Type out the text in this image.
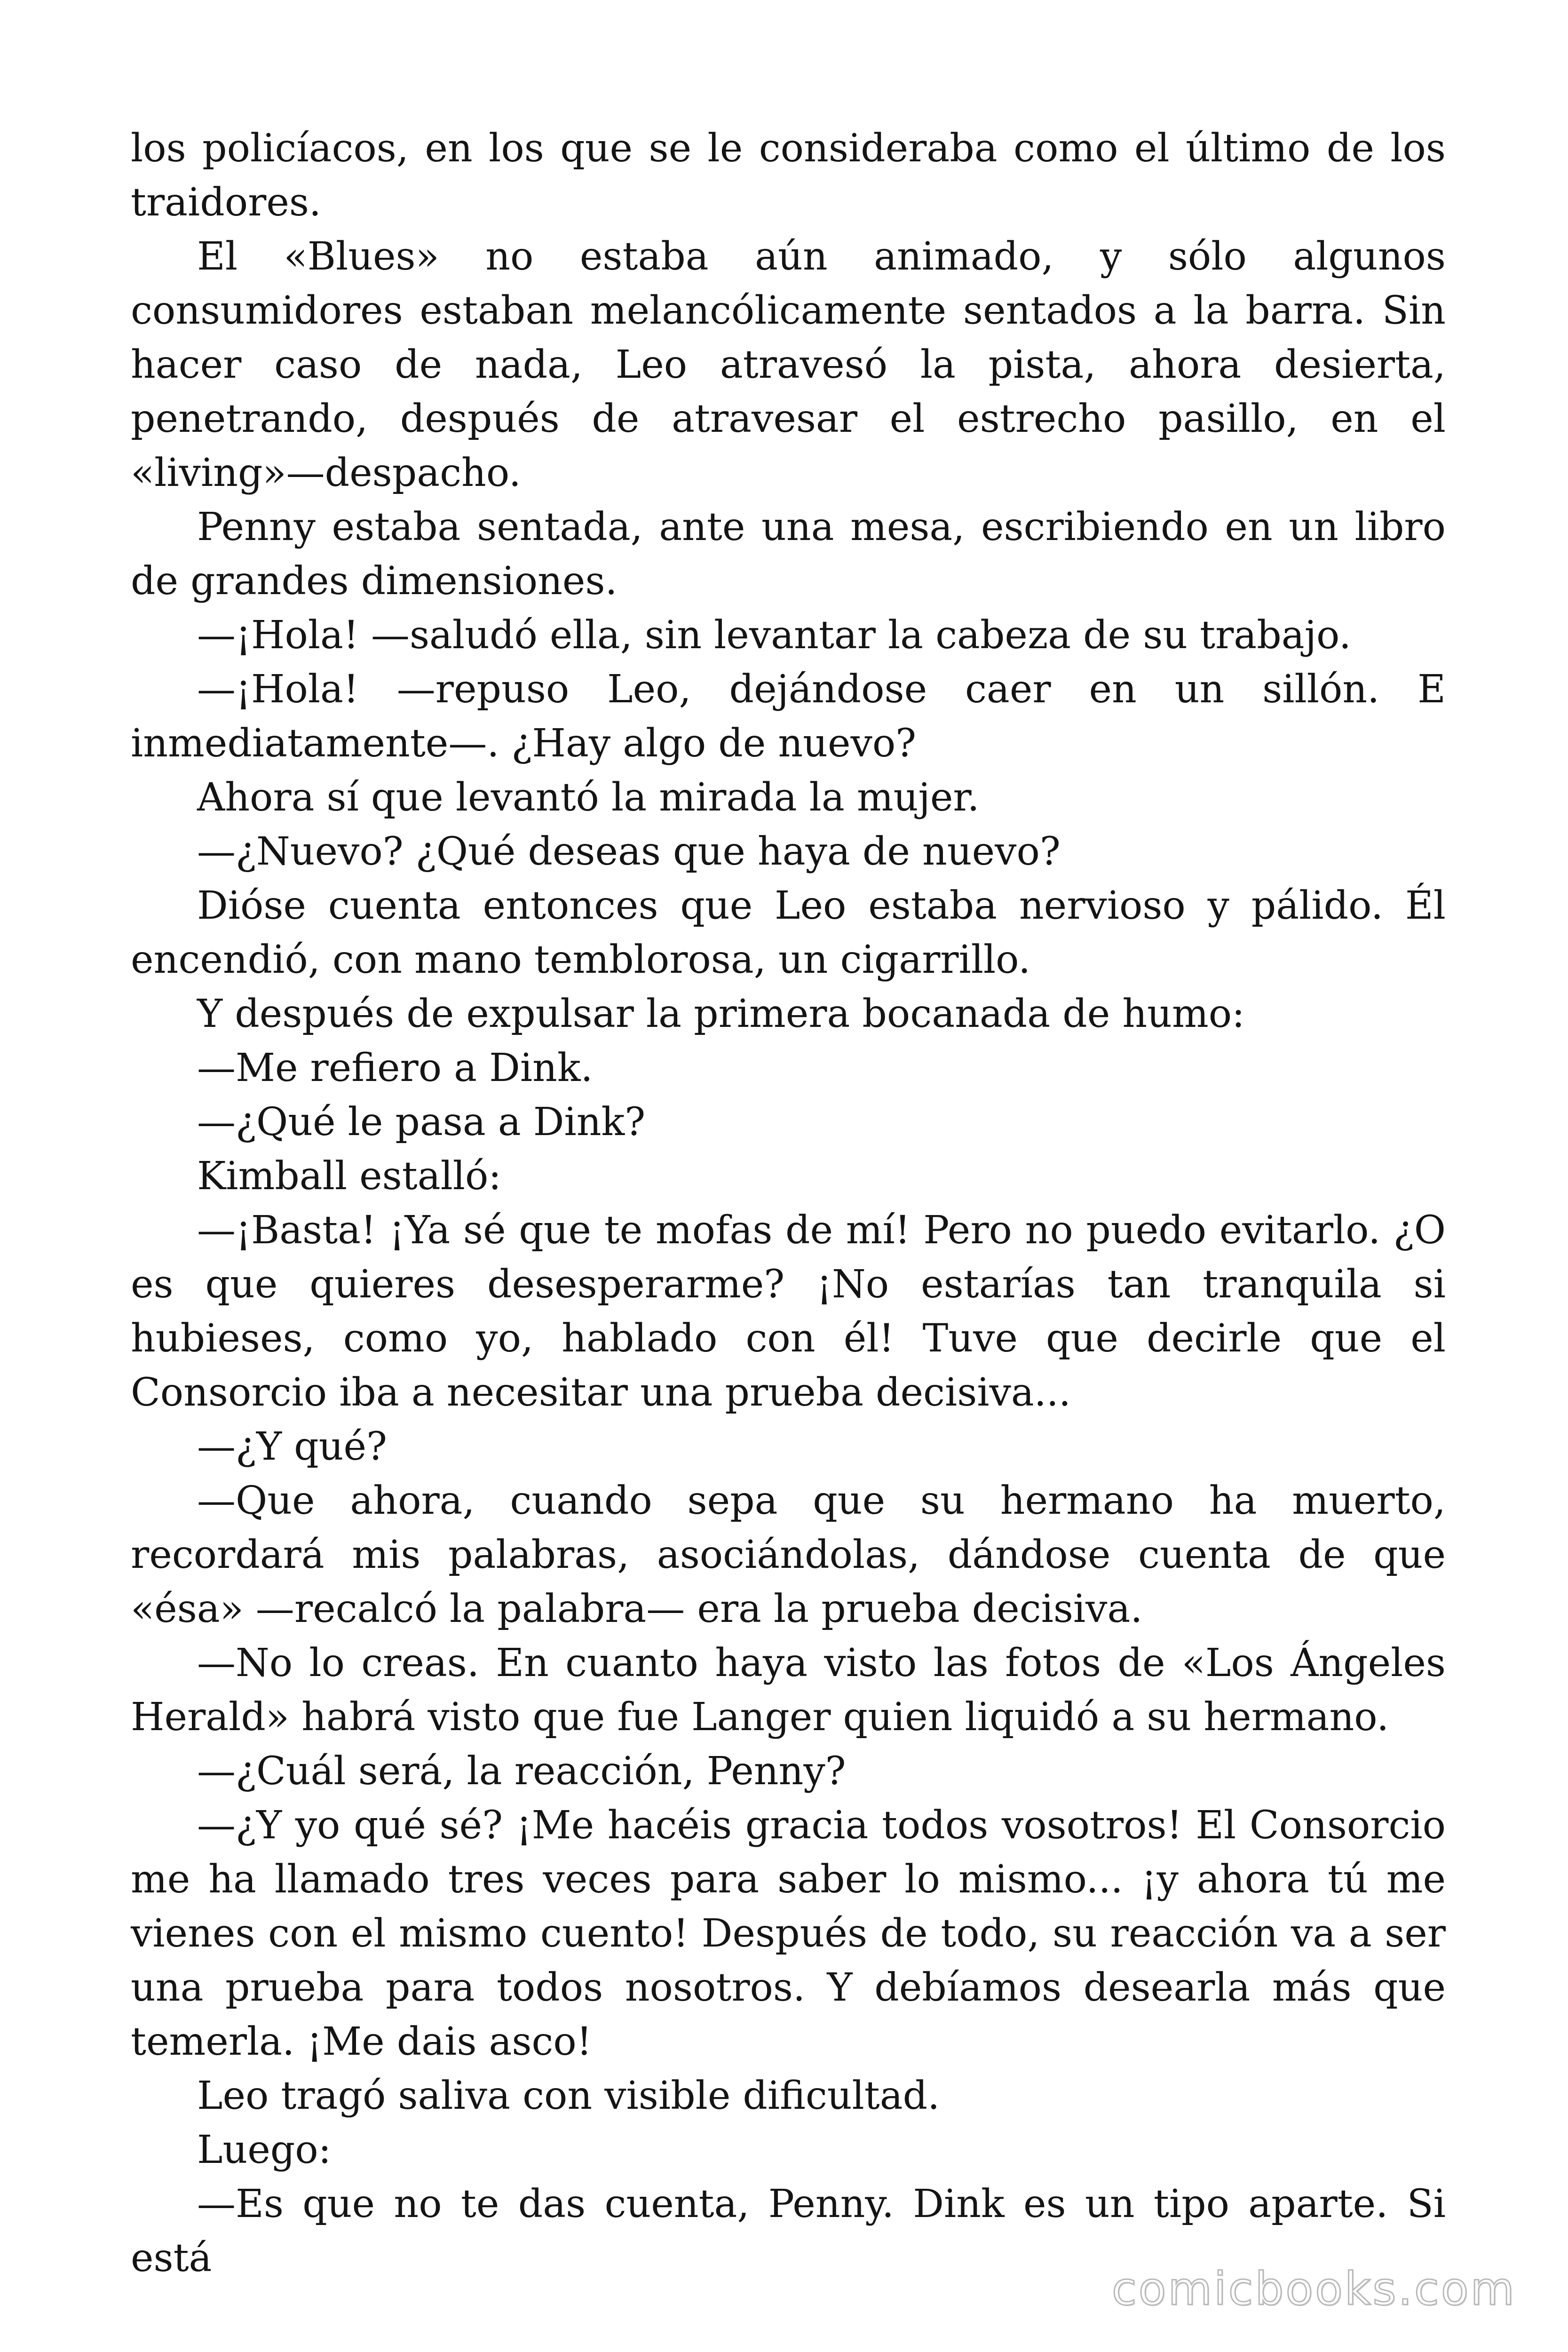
los policíacos, en los que se le consideraba como el último de los traidores.

El «Blues» no estaba aún animado, y sólo algunos consumidores estaban melancólicamente sentados a la barra. Sin hacer caso de nada, Leo atravesó la pista, ahora desierta, penetrando, después de atravesar el estrecho pasillo, en el «living»—despacho.

Penny estaba sentada, ante una mesa, escribiendo en un libro de grandes dimensiones.

—¡Hola! —saludó ella, sin levantar la cabeza de su trabajo.

—¡Hola! —repuso Leo, dejándose caer en un sillón. E inmediatamente—. ¿Hay algo de nuevo?

Ahora sí que levantó la mirada la mujer.

—¿Nuevo? ¿Qué deseas que haya de nuevo?

Dióse cuenta entonces que Leo estaba nervioso y pálido. Él encendió, con mano temblorosa, un cigarrillo.

Y después de expulsar la primera bocanada de humo:

—Me refiero a Dink.

—¿Qué le pasa a Dink?

Kimball estalló:

—¡Basta! ¡Ya sé que te mofas de mí! Pero no puedo evitarlo. ¿O es que quieres desesperarme? ¡No estarías tan tranquila si hubieses, como yo, hablado con él! Tuve que decirle que el Consorcio iba a necesitar una prueba decisiva...

—¿Y qué?

—Que ahora, cuando sepa que su hermano ha muerto, recordará mis palabras, asociándolas, dándose cuenta de que «ésa» —recalcó la palabra— era la prueba decisiva.

—No lo creas. En cuanto haya visto las fotos de «Los Ángeles Herald» habrá visto que fue Langer quien liquidó a su hermano.

—¿Cuál será, la reacción, Penny?

—¿Y yo qué sé? ¡Me hacéis gracia todos vosotros! El Consorcio me ha llamado tres veces para saber lo mismo... ¡y ahora tú me vienes con el mismo cuento! Después de todo, su reacción va a ser una prueba para todos nosotros. Y debíamos desearla más que temerla. ¡Me dais asco!

Leo tragó saliva con visible dificultad.

Luego:

—Es que no te das cuenta, Penny. Dink es un tipo aparte. Si está

comicbooks.com
